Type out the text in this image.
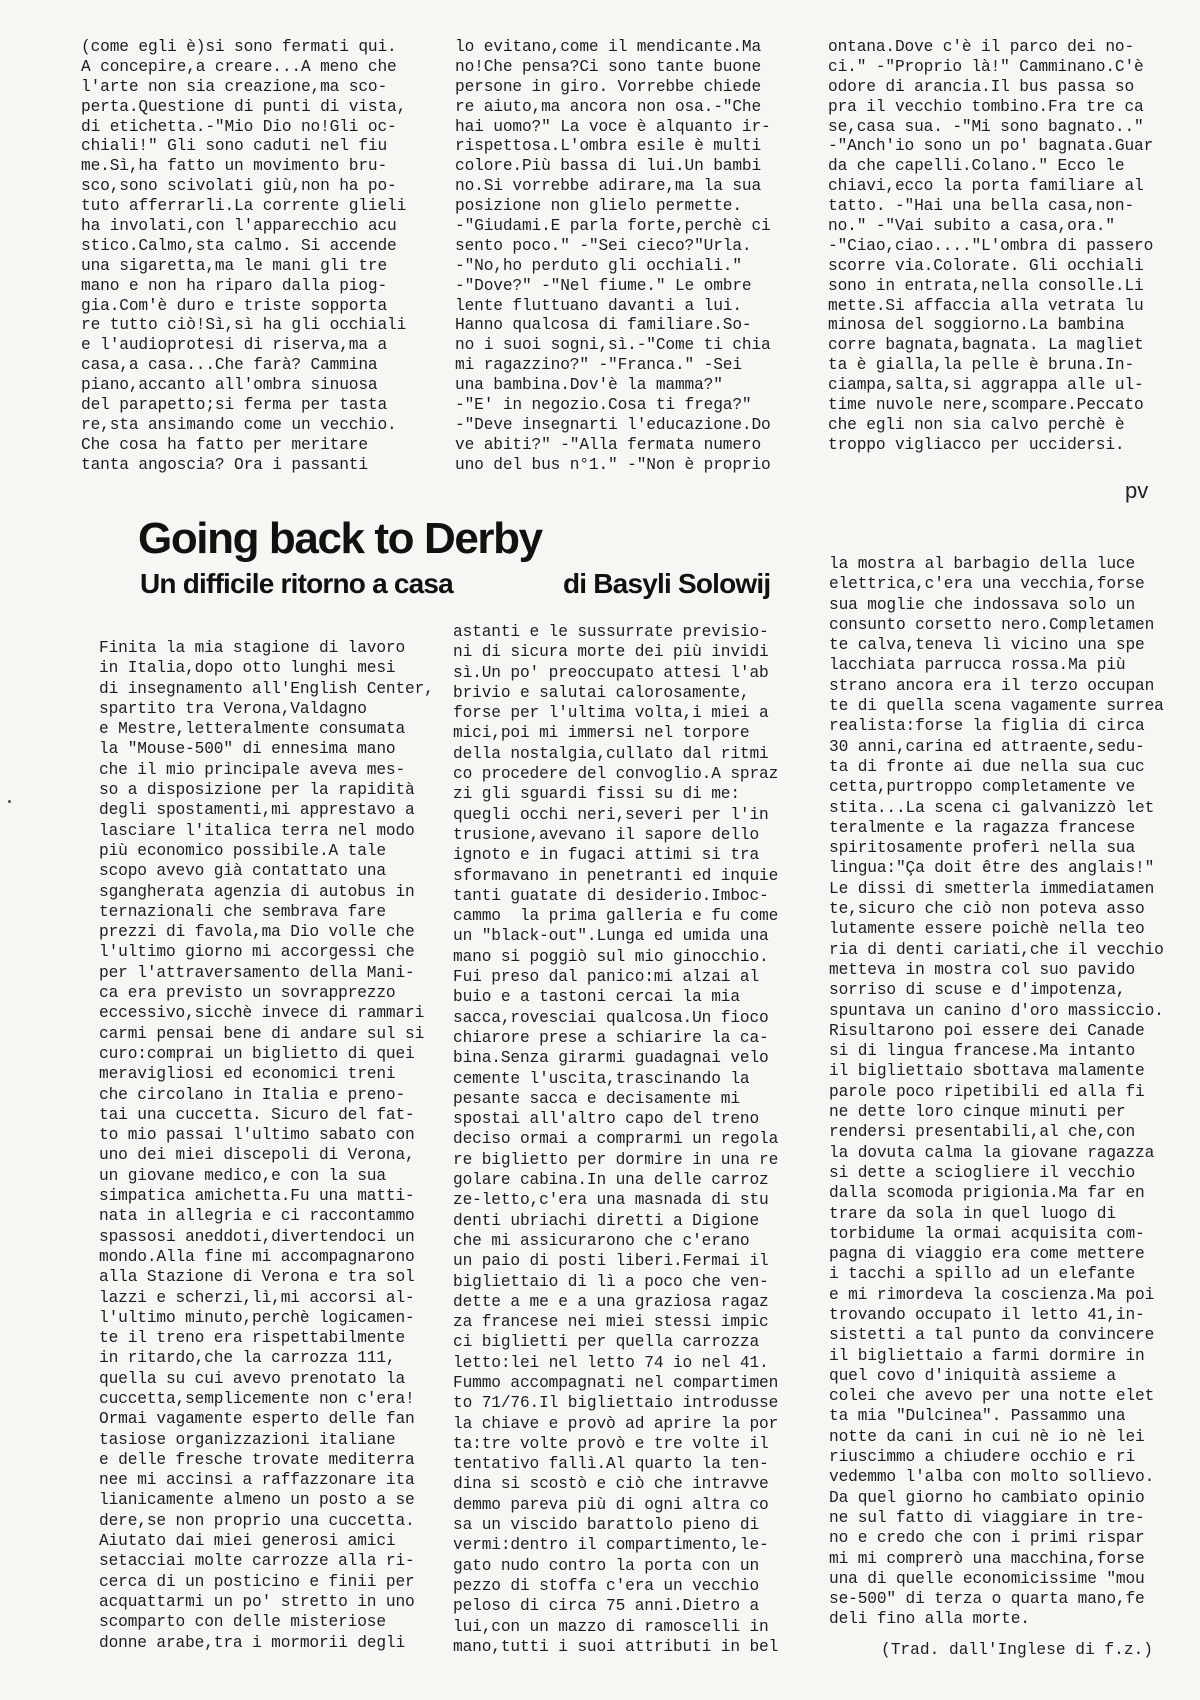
(come egli è)si sono fermati qui.
A concepire,a creare...A meno che
l'arte non sia creazione,ma sco-
perta.Questione di punti di vista,
di etichetta.-"Mio Dio no!Gli oc-
chiali!" Gli sono caduti nel fiu
me.Sì,ha fatto un movimento bru-
sco,sono scivolati giù,non ha po-
tuto afferrarli.La corrente glieli
ha involati,con l'apparecchio acu
stico.Calmo,sta calmo. Si accende
una sigaretta,ma le mani gli tre
mano e non ha riparo dalla piog-
gia.Com'è duro e triste sopporta
re tutto ciò!Sì,sì ha gli occhiali
e l'audioprotesi di riserva,ma a
casa,a casa...Che farà? Cammina
piano,accanto all'ombra sinuosa
del parapetto;si ferma per tasta
re,sta ansimando come un vecchio.
Che cosa ha fatto per meritare
tanta angoscia? Ora i passanti
lo evitano,come il mendicante.Ma
no!Che pensa?Ci sono tante buone
persone in giro. Vorrebbe chiede
re aiuto,ma ancora non osa.-"Che
hai uomo?" La voce è alquanto ir-
rispettosa.L'ombra esile è multi
colore.Più bassa di lui.Un bambi
no.Si vorrebbe adirare,ma la sua
posizione non glielo permette.
-"Giudami.E parla forte,perchè ci
sento poco." -"Sei cieco?"Urla.
-"No,ho perduto gli occhiali."
-"Dove?" -"Nel fiume." Le ombre
lente fluttuano davanti a lui.
Hanno qualcosa di familiare.So-
no i suoi sogni,sì.-"Come ti chia
mi ragazzino?" -"Franca." -Sei
una bambina.Dov'è la mamma?"
-"E' in negozio.Cosa ti frega?"
-"Deve insegnarti l'educazione.Do
ve abiti?" -"Alla fermata numero
uno del bus n°1." -"Non è proprio
ontana.Dove c'è il parco dei no-
ci." -"Proprio là!" Camminano.C'è
odore di arancia.Il bus passa so
pra il vecchio tombino.Fra tre ca
se,casa sua. -"Mi sono bagnato.."
-"Anch'io sono un po' bagnata.Guar
da che capelli.Colano." Ecco le
chiavi,ecco la porta familiare al
tatto. -"Hai una bella casa,non-
no." -"Vai subito a casa,ora."
-"Ciao,ciao...."L'ombra di passero
scorre via.Colorate. Gli occhiali
sono in entrata,nella consolle.Li
mette.Si affaccia alla vetrata lu
minosa del soggiorno.La bambina
corre bagnata,bagnata. La magliet
ta è gialla,la pelle è bruna.In-
ciampa,salta,si aggrappa alle ul-
time nuvole nere,scompare.Peccato
che egli non sia calvo perchè è
troppo vigliacco per uccidersi.
pv
Going back to Derby
Un difficile ritorno a casa	di Basyli Solowij
Finita la mia stagione di lavoro
in Italia,dopo otto lunghi mesi
di insegnamento all'English Center,
spartito tra Verona,Valdagno
e Mestre,letteralmente consumata
la "Mouse-500" di ennesima mano
che il mio principale aveva mes-
so a disposizione per la rapidità
degli spostamenti,mi apprestavo a
lasciare l'italica terra nel modo
più economico possibile.A tale
scopo avevo già contattato una
sgangherata agenzia di autobus in
ternazionali che sembrava fare
prezzi di favola,ma Dio volle che
l'ultimo giorno mi accorgessi che
per l'attraversamento della Mani-
ca era previsto un sovrapprezzo
eccessivo,sicchè invece di rammari
carmi pensai bene di andare sul si
curo:comprai un biglietto di quei
meravigliosi ed economici treni
che circolano in Italia e preno-
tai una cuccetta. Sicuro del fat-
to mio passai l'ultimo sabato con
uno dei miei discepoli di Verona,
un giovane medico,e con la sua
simpatica amichetta.Fu una matti-
nata in allegria e ci raccontammo
spassosi aneddoti,divertendoci un
mondo.Alla fine mi accompagnarono
alla Stazione di Verona e tra sol
lazzi e scherzi,lì,mi accorsi al-
l'ultimo minuto,perchè logicamen-
te il treno era rispettabilmente
in ritardo,che la carrozza 111,
quella su cui avevo prenotato la
cuccetta,semplicemente non c'era!
Ormai vagamente esperto delle fan
tasiose organizzazioni italiane
e delle fresche trovate mediterra
nee mi accinsi a raffazzonare ita
lianicamente almeno un posto a se
dere,se non proprio una cuccetta.
Aiutato dai miei generosi amici
setacciai molte carrozze alla ri-
cerca di un posticino e finii per
acquattarmi un po' stretto in uno
scomparto con delle misteriose
donne arabe,tra i mormorii degli
astanti e le sussurrate previsio-
ni di sicura morte dei più invidi
sì.Un po' preoccupato attesi l'ab
brivio e salutai calorosamente,
forse per l'ultima volta,i miei a
mici,poi mi immersi nel torpore
della nostalgia,cullato dal ritmi
co procedere del convoglio.A spraz
zi gli sguardi fissi su di me:
quegli occhi neri,severi per l'in
trusione,avevano il sapore dello
ignoto e in fugaci attimi si tra
sformavano in penetranti ed inquie
tanti guatate di desiderio.Imboc-
cammo  la prima galleria e fu come
un "black-out".Lunga ed umida una
mano si poggiò sul mio ginocchio.
Fui preso dal panico:mi alzai al
buio e a tastoni cercai la mia
sacca,rovesciai qualcosa.Un fioco
chiarore prese a schiarire la ca-
bina.Senza girarmi guadagnai velo
cemente l'uscita,trascinando la
pesante sacca e decisamente mi
spostai all'altro capo del treno
deciso ormai a comprarmi un regola
re biglietto per dormire in una re
golare cabina.In una delle carroz
ze-letto,c'era una masnada di stu
denti ubriachi diretti a Digione
che mi assicurarono che c'erano
un paio di posti liberi.Fermai il
bigliettaio di lì a poco che ven-
dette a me e a una graziosa ragaz
za francese nei miei stessi impic
ci biglietti per quella carrozza
letto:lei nel letto 74 io nel 41.
Fummo accompagnati nel compartimen
to 71/76.Il bigliettaio introdusse
la chiave e provò ad aprire la por
ta:tre volte provò e tre volte il
tentativo fallì.Al quarto la ten-
dina si scostò e ciò che intravve
demmo pareva più di ogni altra co
sa un viscido barattolo pieno di
vermi:dentro il compartimento,le-
gato nudo contro la porta con un
pezzo di stoffa c'era un vecchio
peloso di circa 75 anni.Dietro a
lui,con un mazzo di ramoscelli in
mano,tutti i suoi attributi in bel
la mostra al barbagio della luce
elettrica,c'era una vecchia,forse
sua moglie che indossava solo un
consunto corsetto nero.Completamen
te calva,teneva lì vicino una spe
lacchiata parrucca rossa.Ma più
strano ancora era il terzo occupan
te di quella scena vagamente surrea
realista:forse la figlia di circa
30 anni,carina ed attraente,sedu-
ta di fronte ai due nella sua cuc
cetta,purtroppo completamente ve
stita...La scena ci galvanizzò let
teralmente e la ragazza francese
spiritosamente proferì nella sua
lingua:"Ça doit être des anglais!"
Le dissi di smetterla immediatamen
te,sicuro che ciò non poteva asso
lutamente essere poichè nella teo
ria di denti cariati,che il vecchio
metteva in mostra col suo pavido
sorriso di scuse e d'impotenza,
spuntava un canino d'oro massiccio.
Risultarono poi essere dei Canade
si di lingua francese.Ma intanto
il bigliettaio sbottava malamente
parole poco ripetibili ed alla fi
ne dette loro cinque minuti per
rendersi presentabili,al che,con
la dovuta calma la giovane ragazza
si dette a sciogliere il vecchio
dalla scomoda prigionia.Ma far en
trare da sola in quel luogo di
torbidume la ormai acquisita com-
pagna di viaggio era come mettere
i tacchi a spillo ad un elefante
e mi rimordeva la coscienza.Ma poi
trovando occupato il letto 41,in-
sistetti a tal punto da convincere
il bigliettaio a farmi dormire in
quel covo d'iniquità assieme a
colei che avevo per una notte elet
ta mia "Dulcinea". Passammo una
notte da cani in cui nè io nè lei
riuscimmo a chiudere occhio e ri
vedemmo l'alba con molto sollievo.
Da quel giorno ho cambiato opinio
ne sul fatto di viaggiare in tre-
no e credo che con i primi rispar
mi mi comprerò una macchina,forse
una di quelle economicissime "mou
se-500" di terza o quarta mano,fe
deli fino alla morte.
(Trad. dall'Inglese di f.z.)
